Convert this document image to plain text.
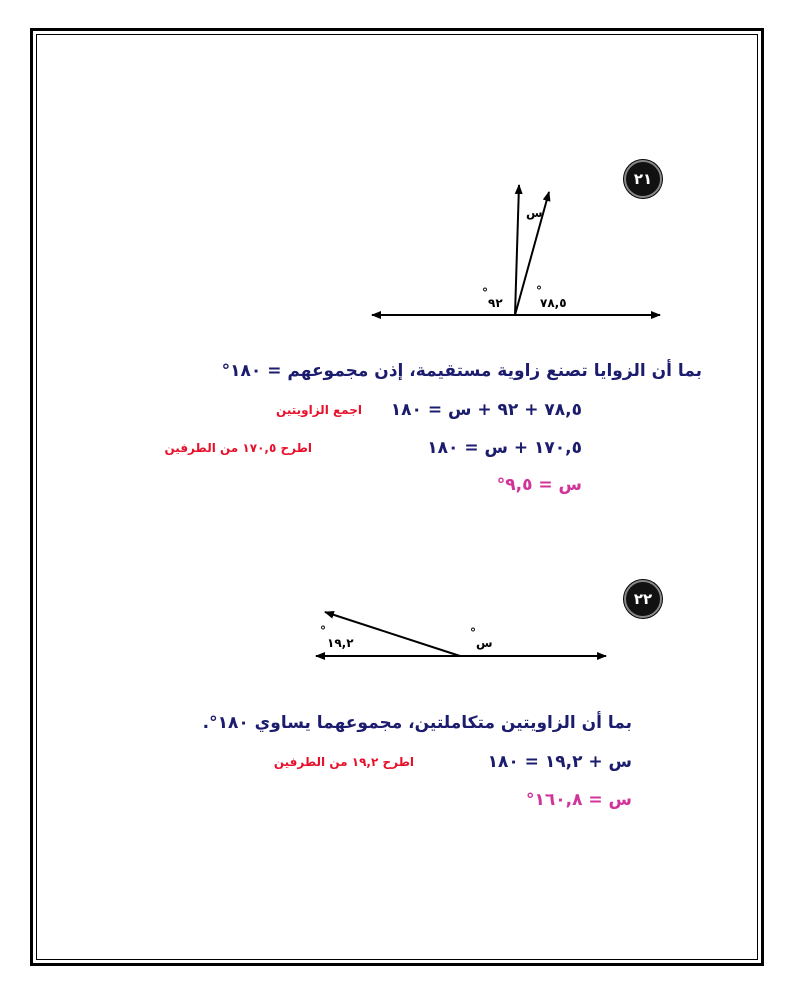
٢١
س
°
٩٢
°
٧٨,٥
بما أن الزوايا تصنع زاوية مستقيمة، إذن مجموعهم = ١٨٠°
٧٨,٥ + ٩٢ + س = ١٨٠
اجمع الزاويتين
١٧٠,٥ + س = ١٨٠
اطرح ١٧٠,٥ من الطرفين
س = ٩,٥°
٢٢
°
١٩,٢
°
س
بما أن الزاويتين متكاملتين، مجموعهما يساوي ١٨٠°.
س + ١٩,٢ = ١٨٠
اطرح ١٩,٢ من الطرفين
س = ١٦٠,٨°
